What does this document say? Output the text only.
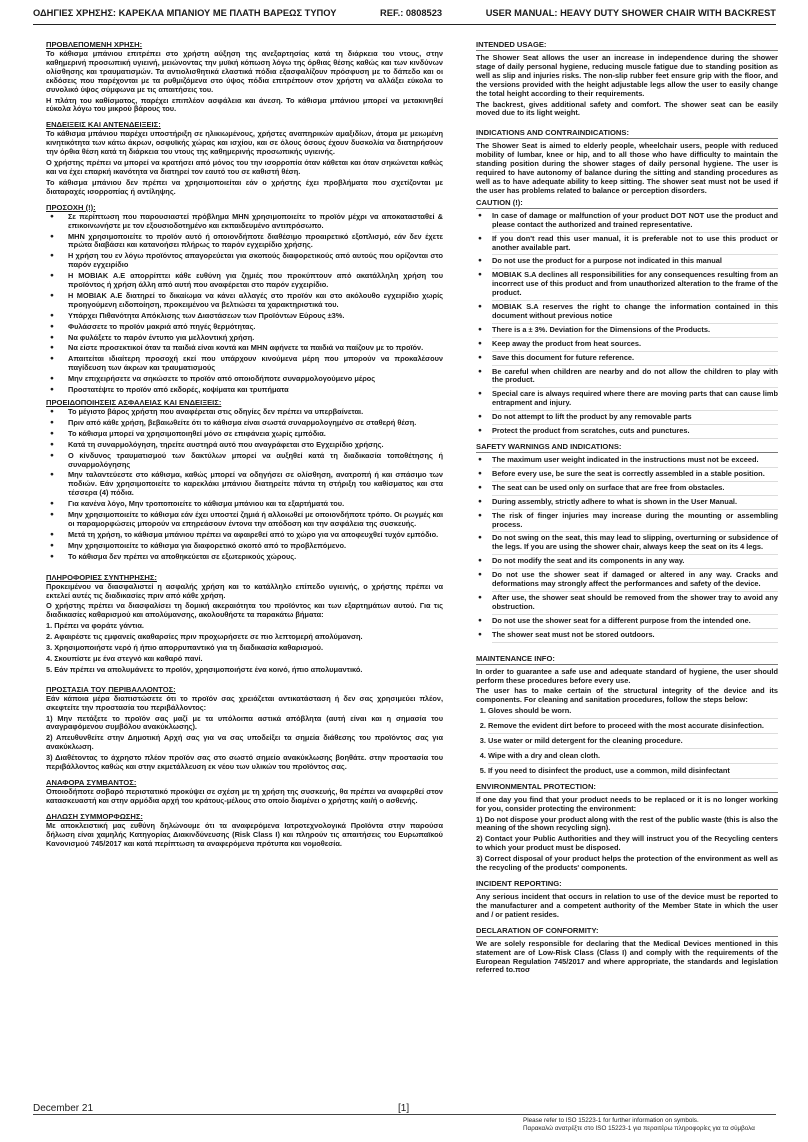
ΟΔΗΓΙΕΣ ΧΡΗΣΗΣ: ΚΑΡΕΚΛΑ ΜΠΑΝΙΟΥ ΜΕ ΠΛΑΤΗ ΒΑΡΕΩΣ ΤΥΠΟΥ	REF.: 0808523	USER MANUAL: HEAVY DUTY SHOWER CHAIR WITH BACKREST
ΠΡΟΒΛΕΠΟΜΕΝΗ ΧΡΗΣΗ:

Το κάθισμα μπάνιου επιτρέπει στο χρήστη αύξηση της ανεξαρτησίας κατά τη διάρκεια του ντους, στην καθημερινή προσωπική υγιεινή, μειώνοντας την μυϊκή κόπωση λόγω της όρθιας θέσης καθώς και των κινδύνων ολίσθησης και τραυματισμών. Τα αντιολισθητικά ελαστικά πόδια εξασφαλίζουν πρόσφυση με το δάπεδο και οι εκδόσεις που παρέχονται με τα ρυθμιζόμενα στο ύψος πόδια επιτρέπουν στον χρήστη να αλλάξει εύκολα το συνολικό ύψος σύμφωνα με τις απαιτήσεις του.

Η πλάτη του καθίσματος, παρέχει επιπλέον ασφάλεια και άνεση. Το κάθισμα μπάνιου μπορεί να μετακινηθεί εύκολα λόγω του μικρού βάρους του.

ΕΝΔΕΙΞΕΙΣ ΚΑΙ ΑΝΤΕΝΔΕΙΞΕΙΣ:

Το κάθισμα μπάνιου παρέχει υποστήριξη σε ηλικιωμένους, χρήστες αναπηρικών αμαξιδίων, άτομα με μειωμένη κινητικότητα των κάτω άκρων, οσφυϊκής χώρας και ισχίου, και σε όλους όσους έχουν δυσκολία να διατηρήσουν την όρθια θέση κατά τη διάρκεια του ντους της καθημερινής προσωπικής υγιεινής.

Ο χρήστης πρέπει να μπορεί να κρατήσει από μόνος του την ισορροπία όταν κάθεται και όταν σηκώνεται καθώς και να έχει επαρκή ικανότητα να διατηρεί τον εαυτό του σε καθιστή θέση.

Το κάθισμα μπάνιου δεν πρέπει να χρησιμοποιείται εάν ο χρήστης έχει προβλήματα που σχετίζονται με διαταραχές ισορροπίας ή αντίληψης.

ΠΡΟΣΟΧΗ (!):
● Σε περίπτωση που παρουσιαστεί πρόβλημα ΜΗΝ χρησιμοποιείτε το προϊόν μέχρι να αποκατασταθεί & επικοινωνήστε με τον εξουσιοδοτημένο και εκπαιδευμένο αντιπρόσωπο.
● ΜΗΝ χρησιμοποιείτε το προϊόν αυτό ή οποιονδήποτε διαθέσιμο προαιρετικό εξοπλισμό, εάν δεν έχετε πρώτα διαβάσει και κατανοήσει πλήρως το παρόν εγχειρίδιο χρήσης.
● Η χρήση του εν λόγω προϊόντος απαγορεύεται για σκοπούς διαφορετικούς από αυτούς που ορίζονται στο παρόν εγχειρίδιο
● Η ΜΟΒΙΑΚ Α.Ε απορρίπτει κάθε ευθύνη για ζημιές που προκύπτουν από ακατάλληλη χρήση του προϊόντος ή χρήση άλλη από αυτή που αναφέρεται στο παρόν εγχειρίδιο.
● Η ΜΟΒΙΑΚ Α.Ε διατηρεί το δικαίωμα να κάνει αλλαγές στο προϊόν και στο ακόλουθο εγχειρίδιο χωρίς προηγούμενη ειδοποίηση, προκειμένου να βελτιώσει τα χαρακτηριστικά του.
● Υπάρχει Πιθανότητα Απόκλισης των Διαστάσεων των Προϊόντων Εύρους ±3%.
● Φυλάσσετε το προϊόν μακριά από πηγές θερμότητας.
● Να φυλάξετε το παρόν έντυπο για μελλοντική χρήση.
● Να είστε προσεκτικοί όταν τα παιδιά είναι κοντά και ΜΗΝ αφήνετε τα παιδιά να παίζουν με το προϊόν.
● Απαιτείται ιδιαίτερη προσοχή εκεί που υπάρχουν κινούμενα μέρη που μπορούν να προκαλέσουν παγίδευση των άκρων και τραυματισμούς
● Μην επιχειρήσετε να σηκώσετε το προϊόν από οποιοδήποτε συναρμολογούμενο μέρος
● Προστατέψτε το προϊόν από εκδορές, κοψίματα και τρυπήματα
ΠΡΟΕΙΔΟΠΟΙΗΣΕΙΣ ΑΣΦΑΛΕΙΑΣ ΚΑΙ ΕΝΔΕΙΞΕΙΣ:
● Το μέγιστο βάρος χρήστη που αναφέρεται στις οδηγίες δεν πρέπει να υπερβαίνεται.
● Πριν από κάθε χρήση, βεβαιωθείτε ότι το κάθισμα είναι σωστά συναρμολογημένο σε σταθερή θέση.
● Το κάθισμα μπορεί να χρησιμοποιηθεί μόνο σε επιφάνεια χωρίς εμπόδια.
● Κατά τη συναρμολόγηση, τηρείτε αυστηρά αυτό που αναγράφεται στο Εγχειρίδιο χρήσης.
● Ο κίνδυνος τραυματισμού των δακτύλων μπορεί να αυξηθεί κατά τη διαδικασία τοποθέτησης ή συναρμολόγησης
● Μην ταλαντεύεστε στο κάθισμα, καθώς μπορεί να οδηγήσει σε ολίσθηση, ανατροπή ή και σπάσιμο των ποδιών. Εάν χρησιμοποιείτε το καρεκλάκι μπάνιου διατηρείτε πάντα τη στήριξη του καθίσματος και στα τέσσερα (4) πόδια.
● Για κανένα λόγο, Μην τροποποιείτε το κάθισμα μπάνιου και τα εξαρτήματά του.
● Μην χρησιμοποιείτε το κάθισμα εάν έχει υποστεί ζημιά ή αλλοιωθεί με οποιονδήποτε τρόπο. Οι ρωγμές και οι παραμορφώσεις μπορούν να επηρεάσουν έντονα την απόδοση και την ασφάλεια της συσκευής.
● Μετά τη χρήση, το κάθισμα μπάνιου πρέπει να αφαιρεθεί από το χώρο για να αποφευχθεί τυχόν εμπόδιο.
● Μην χρησιμοποιείτε το κάθισμα για διαφορετικό σκοπό από το προβλεπόμενο.
● Το κάθισμα δεν πρέπει να αποθηκεύεται σε εξωτερικούς χώρους.
ΠΛΗΡΟΦΟΡΙΕΣ ΣΥΝΤΗΡΗΣΗΣ:

Προκειμένου να διασφαλιστεί η ασφαλής χρήση και το κατάλληλο επίπεδο υγιεινής, ο χρήστης πρέπει να εκτελεί αυτές τις διαδικασίες πριν από κάθε χρήση.

Ο χρήστης πρέπει να διασφαλίσει τη δομική ακεραιότητα του προϊόντος και των εξαρτημάτων αυτού. Για τις διαδικασίες καθαρισμού και απολύμανσης, ακολουθήστε τα παρακάτω βήματα:

1. Πρέπει να φοράτε γάντια.

2. Αφαιρέστε τις εμφανείς ακαθαρσίες πριν προχωρήσετε σε πιο λεπτομερή απολύμανση.

3. Χρησιμοποιήστε νερό ή ήπιο απορρυπαντικό για τη διαδικασία καθαρισμού.

4. Σκουπίστε με ένα στεγνό και καθαρό πανί.

5. Εάν πρέπει να απολυμάνετε το προϊόν, χρησιμοποιήστε ένα κοινό, ήπιο απολυμαντικό.

ΠΡΟΣΤΑΣΙΑ ΤΟΥ ΠΕΡΙΒΑΛΛΟΝΤΟΣ:

Εάν κάποια μέρα διαπιστώσετε ότι το προϊόν σας χρειάζεται αντικατάσταση ή δεν σας χρησιμεύει πλέον, σκεφτείτε την προστασία του περιβάλλοντος:

1) Μην πετάξετε το προϊόν σας μαζί με τα υπόλοιπα αστικά απόβλητα (αυτή είναι και η σημασία του αναγραφόμενου συμβόλου ανακύκλωσης).

2) Απευθυνθείτε στην Δημοτική Αρχή σας για να σας υποδείξει τα σημεία διάθεσης του προϊόντος σας για ανακύκλωση.

3) Διαθέτοντας το άχρηστο πλέον προϊόν σας στο σωστό σημείο ανακύκλωσης βοηθάτε. στην προστασία του περιβάλλοντος καθώς και στην εκμετάλλευση εκ νέου των υλικών του προϊόντος σας.

ΑΝΑΦΟΡΑ ΣΥΜΒΑΝΤΟΣ:

Οποιοδήποτε σοβαρό περιστατικό προκύψει σε σχέση με τη χρήση της συσκευής, θα πρέπει να αναφερθεί στον κατασκευαστή και στην αρμόδια αρχή του κράτους-μέλους στο οποίο διαμένει ο χρήστης και/ή ο ασθενής.

ΔΗΛΩΣΗ ΣΥΜΜΟΡΦΩΣΗΣ:

Με αποκλειστική μας ευθύνη δηλώνουμε ότι τα αναφερόμενα Ιατροτεχνολογικά Προϊόντα στην παρούσα δήλωση είναι χαμηλής Κατηγορίας Διακινδύνευσης (Risk Class I) και πληρούν τις απαιτήσεις του Ευρωπαϊκού Κανονισμού 745/2017 και κατά περίπτωση τα αναφερόμενα πρότυπα και νομοθεσία.

INTENDED USAGE:

The Shower Seat allows the user an increase in independence during the shower stage of daily personal hygiene, reducing muscle fatigue due to standing position as well as slip and injuries risks. The non-slip rubber feet ensure grip with the floor, and the versions provided with the height adjustable legs allow the user to easily change the total height according to their requirements.

The backrest, gives additional safety and comfort. The shower seat can be easily moved due to its light weight.

INDICATIONS AND CONTRAINDICATIONS:

The Shower Seat is aimed to elderly people, wheelchair users, people with reduced mobility of lumbar, knee or hip, and to all those who have difficulty to maintain the standing position during the shower stages of daily personal hygiene. The user is required to have autonomy of balance during the sitting and standing procedures as well as to have adequate ability to keep sitting. The shower seat must not be used if the user has problems related to balance or perception disorders.

CAUTION (!):
● In case of damage or malfunction of your product DOT NOT use the product and please contact the authorized and trained representative.
● If you don't read this user manual, it is preferable not to use this product or another available part.
● Do not use the product for a purpose not indicated in this manual
● MOBIAK S.A declines all responsibilities for any consequences resulting from an incorrect use of this product and from unauthorized alteration to the frame of the product.
● MOBIAK S.A reserves the right to change the information contained in this document without previous notice
● There is a ± 3%. Deviation for the Dimensions of the Products.
● Keep away the product from heat sources.
● Save this document for future reference.
● Be careful when children are nearby and do not allow the children to play with the product.
● Special care is always required where there are moving parts that can cause limb entrapment and injury.
● Do not attempt to lift the product by any removable parts
● Protect the product from scratches, cuts and punctures.
SAFETY WARNINGS AND INDICATIONS:
● The maximum user weight indicated in the instructions must not be exceed.
● Before every use, be sure the seat is correctly assembled in a stable position.
● The seat can be used only on surface that are free from obstacles.
● During assembly, strictly adhere to what is shown in the User Manual.
● The risk of finger injuries may increase during the mounting or assembling process.
● Do not swing on the seat, this may lead to slipping, overturning or subsidence of the legs. If you are using the shower chair, always keep the seat on its 4 legs.
● Do not modify the seat and its components in any way.
● Do not use the shower seat if damaged or altered in any way. Cracks and deformations may strongly affect the performances and safety of the device.
● After use, the shower seat should be removed from the shower tray to avoid any obstruction.
● Do not use the shower seat for a different purpose from the intended one.
● The shower seat must not be stored outdoors.
MAINTENANCE INFO:

In order to guarantee a safe use and adequate standard of hygiene, the user should perform these procedures before every use.

The user has to make certain of the structural integrity of the device and its components. For cleaning and sanitation procedures, follow the steps below:

1. Gloves should be worn.
2. Remove the evident dirt before to proceed with the most accurate disinfection.
3. Use water or mild detergent for the cleaning procedure.
4. Wipe with a dry and clean cloth.
5. If you need to disinfect the product, use a common, mild disinfectant
ENVIRONMENTAL PROTECTION:

If one day you find that your product needs to be replaced or it is no longer working for you, consider protecting the environment:

1) Do not dispose your product along with the rest of the public waste (this is also the meaning of the shown recycling sign).

2) Contact your Public Authorities and they will instruct you of the Recycling centers to which your product must be disposed.

3) Correct disposal of your product helps the protection of the environment as well as the recycling of the products' components.

INCIDENT REPORTING:

Any serious incident that occurs in relation to use of the device must be reported to the manufacturer and a competent authority of the Member State in which the user and / or patient resides.

DECLARATION OF CONFORMITY:

We are solely responsible for declaring that the Medical Devices mentioned in this statement are of Low-Risk Class (Class I) and comply with the requirements of the European Regulation 745/2017 and where appropriate, the standards and legislation referred to.ποσ

December 21	[1]
Please refer to ISO 15223-1 for further information on symbols.
Παρακαλώ ανατρέξτε στο ISO 15223-1 για περαιτέρω πληροφορίες για τα σύμβολα
